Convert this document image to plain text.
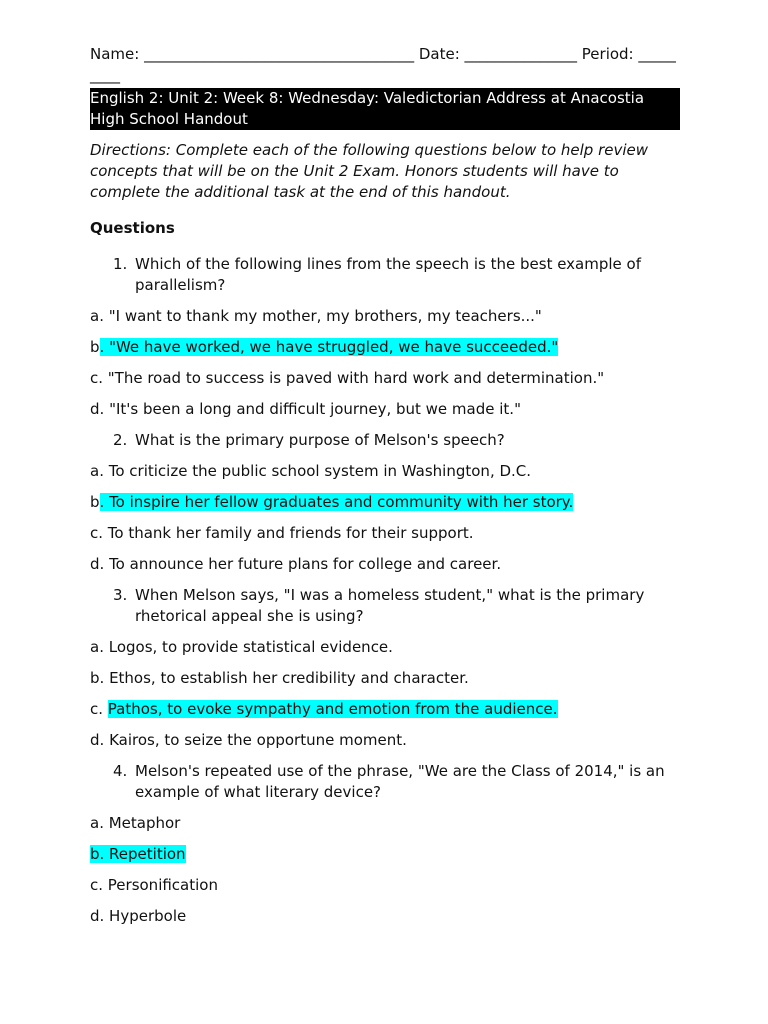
Name: ____________________________________ Date: _______________ Period: _________

English 2: Unit 2: Week 8: Wednesday: Valedictorian Address at Anacostia High School Handout

Directions: Complete each of the following questions below to help review concepts that will be on the Unit 2 Exam. Honors students will have to complete the additional task at the end of this handout.

Questions

1. Which of the following lines from the speech is the best example of parallelism?
a. "I want to thank my mother, my brothers, my teachers..."
b. "We have worked, we have struggled, we have succeeded."
c. "The road to success is paved with hard work and determination."
d. "It's been a long and difficult journey, but we made it."
2. What is the primary purpose of Melson's speech?
a. To criticize the public school system in Washington, D.C.
b. To inspire her fellow graduates and community with her story.
c. To thank her family and friends for their support.
d. To announce her future plans for college and career.
3. When Melson says, "I was a homeless student," what is the primary rhetorical appeal she is using?
a. Logos, to provide statistical evidence.
b. Ethos, to establish her credibility and character.
c. Pathos, to evoke sympathy and emotion from the audience.
d. Kairos, to seize the opportune moment.
4. Melson's repeated use of the phrase, "We are the Class of 2014," is an example of what literary device?
a. Metaphor
b. Repetition
c. Personification
d. Hyperbole
